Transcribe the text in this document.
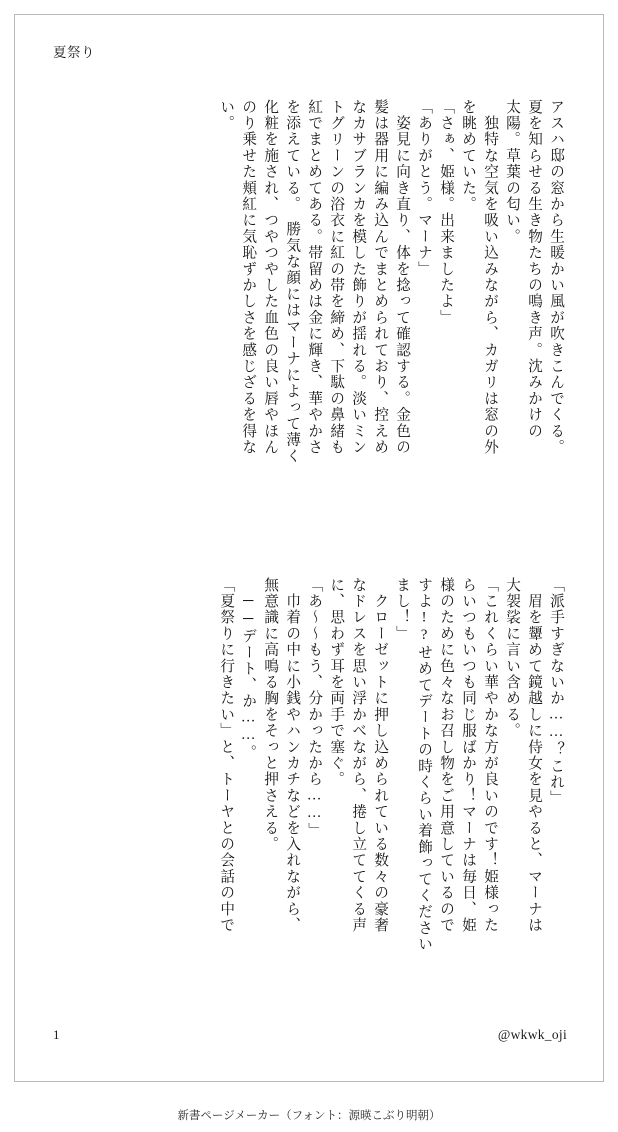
夏祭り
アスハ邸の窓から生暖かい風が吹きこんでくる。
夏を知らせる生き物たちの鳴き声。沈みかけの
太陽。草葉の匂い。
　独特な空気を吸い込みながら、カガリは窓の外
を眺めていた。
「さぁ、姫様。出来ましたよ」
「ありがとう。マーナ」
　姿見に向き直り、体を捻って確認する。金色の
髪は器用に編み込んでまとめられており、控えめ
なカサブランカを模した飾りが揺れる。淡いミン
トグリーンの浴衣に紅の帯を締め、下駄の鼻緒も
紅でまとめてある。帯留めは金に輝き、華やかさ
を添えている。　勝気な顔にはマーナによって薄く
化粧を施され、つやつやした血色の良い唇やほん
のり乗せた頬紅に気恥ずかしさを感じざるを得な
い。
「派手すぎないか……？これ」
　眉を顰めて鏡越しに侍女を見やると、マーナは
大袈裟に言い含める。
「これくらい華やかな方が良いのです！姫様った
らいつもいつも同じ服ばかり！マーナは毎日、姫
様のために色々なお召し物をご用意しているので
すよ!?せめてデートの時くらい着飾ってください
まし！」
　クローゼットに押し込められている数々の豪奢
なドレスを思い浮かべながら、捲し立ててくる声
に、思わず耳を両手で塞ぐ。
「あ〜〜もう、分かったから……」
　巾着の中に小銭やハンカチなどを入れながら、
無意識に高鳴る胸をそっと押さえる。
　──デート、か……。
「夏祭りに行きたい」と、トーヤとの会話の中で
1	@wkwk_oji
新書ページメーカー（フォント：源暎こぶり明朝）
